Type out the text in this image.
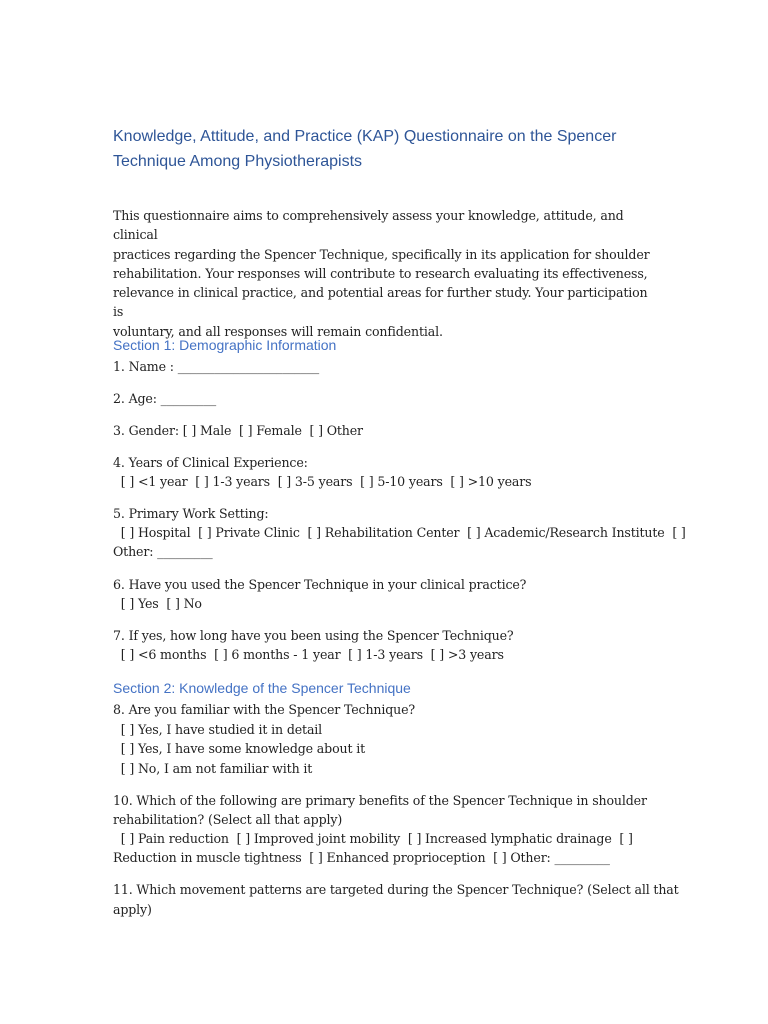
Knowledge, Attitude, and Practice (KAP) Questionnaire on the Spencer
Technique Among Physiotherapists
This questionnaire aims to comprehensively assess your knowledge, attitude, and clinical
practices regarding the Spencer Technique, specifically in its application for shoulder
rehabilitation. Your responses will contribute to research evaluating its effectiveness,
relevance in clinical practice, and potential areas for further study. Your participation is
voluntary, and all responses will remain confidential.
Section 1: Demographic Information
1. Name : _______________________
2. Age: _________
3. Gender: [ ] Male  [ ] Female  [ ] Other
4. Years of Clinical Experience:
[ ] <1 year  [ ] 1-3 years  [ ] 3-5 years  [ ] 5-10 years  [ ] >10 years
5. Primary Work Setting:
[ ] Hospital  [ ] Private Clinic  [ ] Rehabilitation Center  [ ] Academic/Research Institute  [ ]
Other: _________
6. Have you used the Spencer Technique in your clinical practice?
[ ] Yes  [ ] No
7. If yes, how long have you been using the Spencer Technique?
[ ] <6 months  [ ] 6 months - 1 year  [ ] 1-3 years  [ ] >3 years
Section 2: Knowledge of the Spencer Technique
8. Are you familiar with the Spencer Technique?
[ ] Yes, I have studied it in detail
[ ] Yes, I have some knowledge about it
[ ] No, I am not familiar with it
10. Which of the following are primary benefits of the Spencer Technique in shoulder
rehabilitation? (Select all that apply)
[ ] Pain reduction  [ ] Improved joint mobility  [ ] Increased lymphatic drainage  [ ]
Reduction in muscle tightness  [ ] Enhanced proprioception  [ ] Other: _________
11. Which movement patterns are targeted during the Spencer Technique? (Select all that
apply)
